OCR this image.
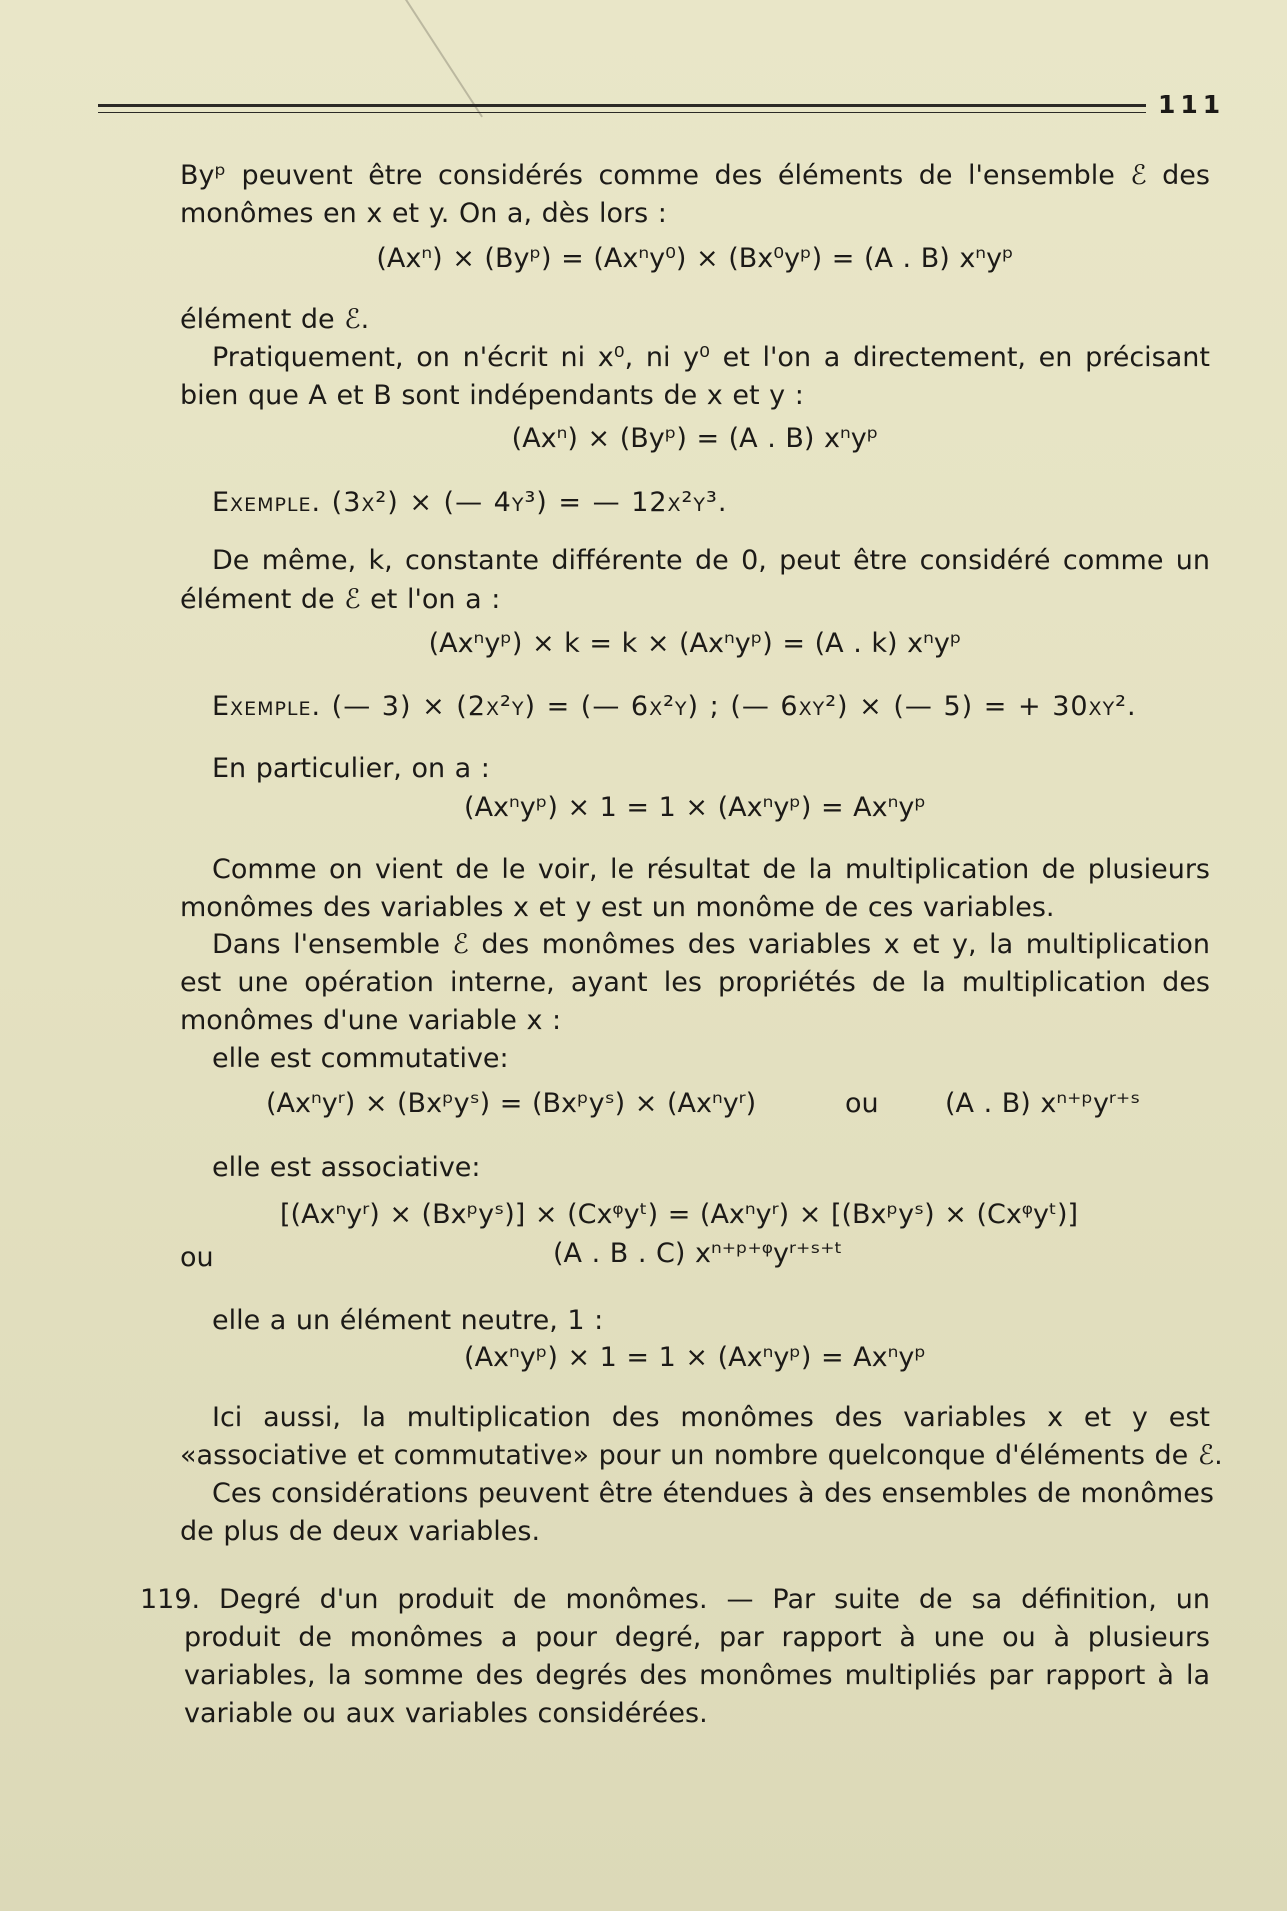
111

Byᵖ peuvent être considérés comme des éléments de l'ensemble ℰ des

monômes en x et y. On a, dès lors :

(Axⁿ) × (Byᵖ) = (Axⁿy⁰) × (Bx⁰yᵖ) = (A . B) xⁿyᵖ

élément de ℰ.

Pratiquement, on n'écrit ni x⁰, ni y⁰ et l'on a directement, en précisant

bien que A et B sont indépendants de x et y :

(Axⁿ) × (Byᵖ) = (A . B) xⁿyᵖ

Exemple. (3x²) × (— 4y³) = — 12x²y³.

De même, k, constante différente de 0, peut être considéré comme un

élément de ℰ et l'on a :

(Axⁿyᵖ) × k = k × (Axⁿyᵖ) = (A . k) xⁿyᵖ

Exemple. (— 3) × (2x²y) = (— 6x²y) ; (— 6xy²) × (— 5) = + 30xy².

En particulier, on a :

(Axⁿyᵖ) × 1 = 1 × (Axⁿyᵖ) = Axⁿyᵖ

Comme on vient de le voir, le résultat de la multiplication de plusieurs

monômes des variables x et y est un monôme de ces variables.

Dans l'ensemble ℰ des monômes des variables x et y, la multiplication

est une opération interne, ayant les propriétés de la multiplication des

monômes d'une variable x :

elle est commutative:

(Axⁿyʳ) × (Bxᵖyˢ) = (Bxᵖyˢ) × (Axⁿyʳ)	ou (A . B) xⁿ⁺ᵖyʳ⁺ˢ

elle est associative:

[(Axⁿyʳ) × (Bxᵖyˢ)] × (Cxᵠyᵗ) = (Axⁿyʳ) × [(Bxᵖyˢ) × (Cxᵠyᵗ)]

ou	(A . B . C) xⁿ⁺ᵖ⁺ᵠyʳ⁺ˢ⁺ᵗ

elle a un élément neutre, 1 :

(Axⁿyᵖ) × 1 = 1 × (Axⁿyᵖ) = Axⁿyᵖ

Ici aussi, la multiplication des monômes des variables x et y est

«associative et commutative» pour un nombre quelconque d'éléments de ℰ.

Ces considérations peuvent être étendues à des ensembles de monômes

de plus de deux variables.

119. Degré d'un produit de monômes. — Par suite de sa définition, un

produit de monômes a pour degré, par rapport à une ou à plusieurs

variables, la somme des degrés des monômes multipliés par rapport à la

variable ou aux variables considérées.
